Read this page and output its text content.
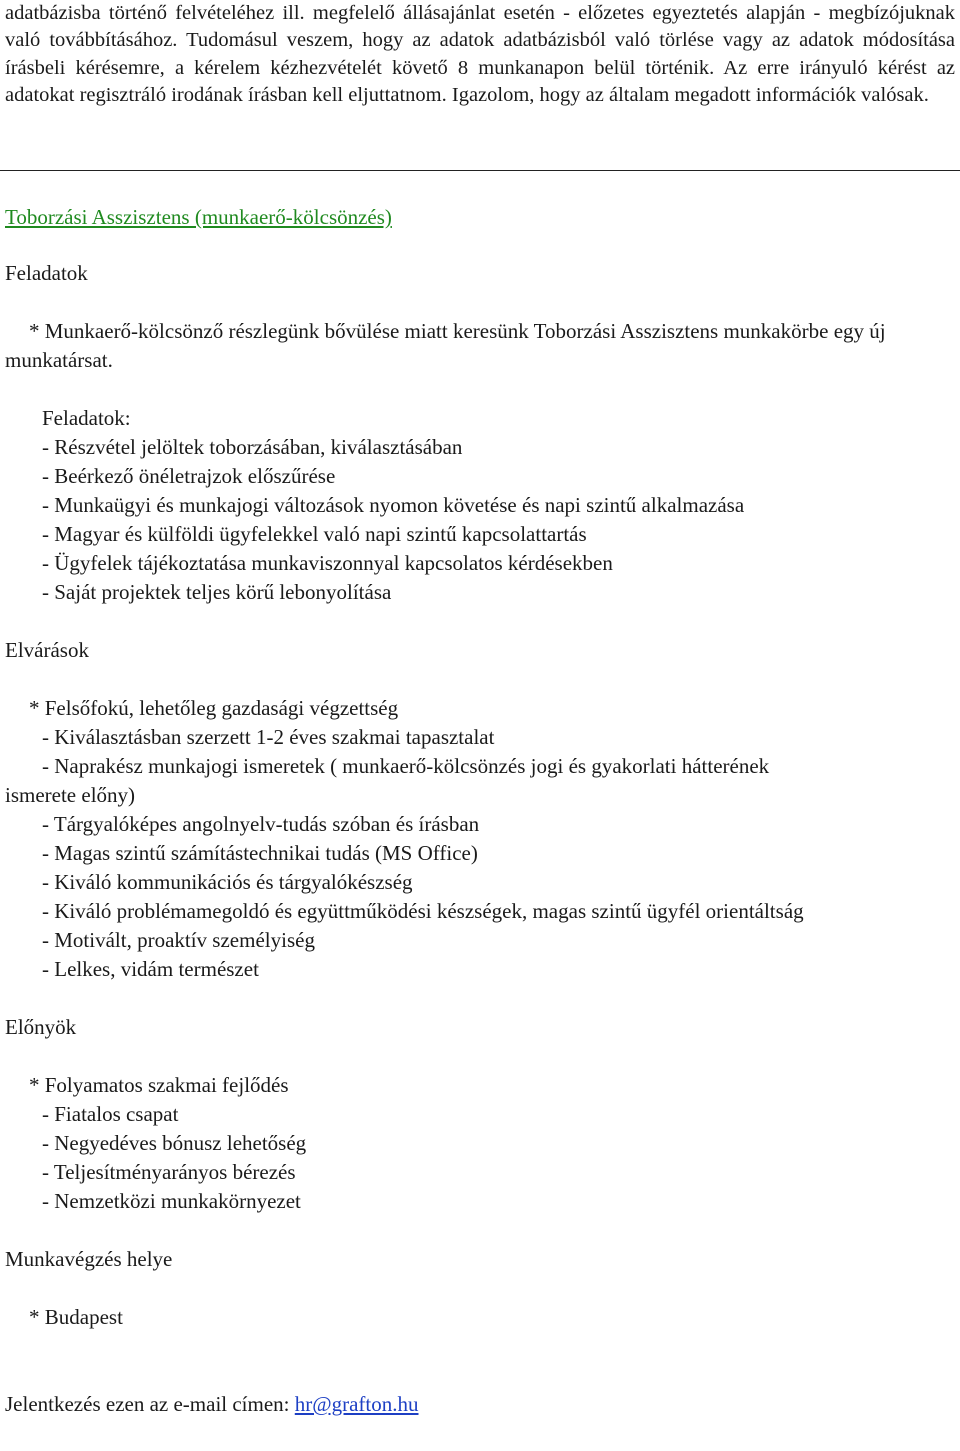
adatbázisba történő felvételéhez ill. megfelelő állásajánlat esetén - előzetes egyeztetés alapján - megbízójuknak való továbbításához. Tudomásul veszem, hogy az adatok adatbázisból való törlése vagy az adatok módosítása írásbeli kérésemre, a kérelem kézhezvételét követő 8 munkanapon belül történik. Az erre irányuló kérést az adatokat regisztráló irodának írásban kell eljuttatnom. Igazolom, hogy az általam megadott információk valósak.
Toborzási Asszisztens (munkaerő-kölcsönzés)
Feladatok
* Munkaerő-kölcsönző részlegünk bővülése miatt keresünk Toborzási Asszisztens munkakörbe egy új munkatársat.
Feladatok:
- Részvétel jelöltek toborzásában, kiválasztásában
- Beérkező önéletrajzok előszűrése
- Munkaügyi és munkajogi változások nyomon követése és napi szintű alkalmazása
- Magyar és külföldi ügyfelekkel való napi szintű kapcsolattartás
- Ügyfelek tájékoztatása munkaviszonnyal kapcsolatos kérdésekben
- Saját projektek teljes körű lebonyolítása
Elvárások
* Felsőfokú, lehetőleg gazdasági végzettség
- Kiválasztásban szerzett 1-2 éves szakmai tapasztalat
- Naprakész munkajogi ismeretek ( munkaerő-kölcsönzés jogi és gyakorlati hátterének
ismerete előny)
- Tárgyalóképes angolnyelv-tudás szóban és írásban
- Magas szintű számítástechnikai tudás (MS Office)
- Kiváló kommunikációs és tárgyalókészség
- Kiváló problémamegoldó és együttműködési készségek, magas szintű ügyfél orientáltság
- Motivált, proaktív személyiség
- Lelkes, vidám természet
Előnyök
* Folyamatos szakmai fejlődés
- Fiatalos csapat
- Negyedéves bónusz lehetőség
- Teljesítményarányos bérezés
- Nemzetközi munkakörnyezet
Munkavégzés helye
* Budapest
Jelentkezés ezen az e-mail címen: hr@grafton.hu
